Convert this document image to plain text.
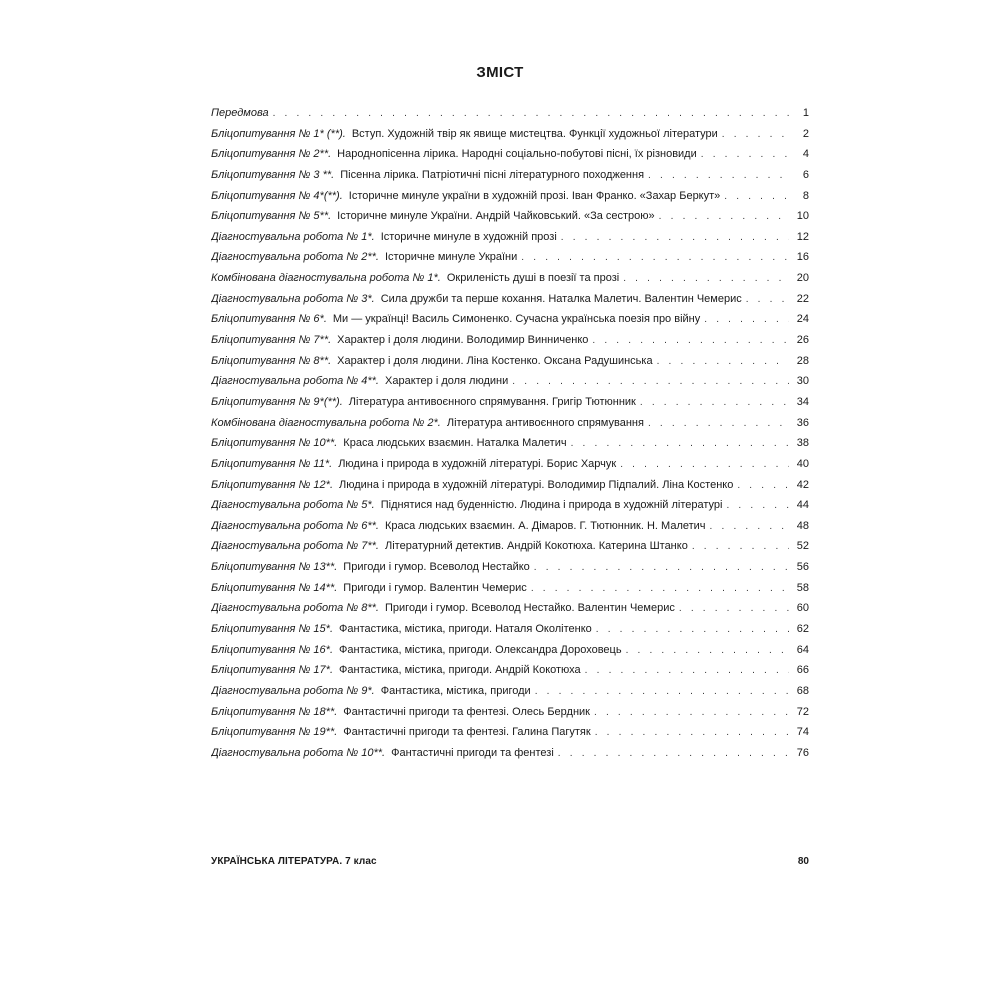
ЗМІСТ
Передмова . . .	1
Бліцопитування № 1* (**). Вступ. Художній твір як явище мистецтва. Функції художньої літератури . . .	2
Бліцопитування № 2**. Народнопісенна лірика. Народні соціально-побутові пісні, їх різновиди . . .	4
Бліцопитування № 3 **. Пісенна лірика. Патріотичні пісні літературного походження . . .	6
Бліцопитування № 4*(**). Історичне минуле україни в художній прозі. Іван Франко. «Захар Беркут» . . .	8
Бліцопитування № 5**. Історичне минуле України. Андрій Чайковський. «За сестрою» . . .	10
Діагностувальна робота № 1*. Історичне минуле в художній прозі . . .	12
Діагностувальна робота № 2**. Історичне минуле України . . .	16
Комбінована діагностувальна робота № 1*. Окриленість душі в поезії та прозі . . .	20
Діагностувальна робота № 3*. Сила дружби та перше кохання. Наталка Малетич. Валентин Чемерис . . .	22
Бліцопитування № 6*. Ми — українці! Василь Симоненко. Сучасна українська поезія про війну . . .	24
Бліцопитування № 7**. Характер і доля людини. Володимир Винниченко . . .	26
Бліцопитування № 8**. Характер і доля людини. Ліна Костенко. Оксана Радушинська . . .	28
Діагностувальна робота № 4**. Характер і доля людини . . .	30
Бліцопитування № 9*(**). Література антивоєнного спрямування. Григір Тютюнник . . .	34
Комбінована діагностувальна робота № 2*. Література антивоєнного спрямування . . .	36
Бліцопитування № 10**. Краса людських взаємин. Наталка Малетич . . .	38
Бліцопитування № 11*. Людина і природа в художній літературі. Борис Харчук . . .	40
Бліцопитування № 12*. Людина і природа в художній літературі. Володимир Підпалий. Ліна Костенко . . .	42
Діагностувальна робота № 5*. Піднятися над буденністю. Людина і природа в художній літературі . . .	44
Діагностувальна робота № 6**. Краса людських взаємин. А. Дімаров. Г. Тютюнник. Н. Малетич . . .	48
Діагностувальна робота № 7**. Літературний детектив. Андрій Кокотюха. Катерина Штанко . . .	52
Бліцопитування № 13**. Пригоди і гумор. Всеволод Нестайко . . .	56
Бліцопитування № 14**. Пригоди і гумор. Валентин Чемерис . . .	58
Діагностувальна робота № 8**. Пригоди і гумор. Всеволод Нестайко. Валентин Чемерис . . .	60
Бліцопитування № 15*. Фантастика, містика, пригоди. Наталя Околітенко . . .	62
Бліцопитування № 16*. Фантастика, містика, пригоди. Олександра Дороховець . . .	64
Бліцопитування № 17*. Фантастика, містика, пригоди. Андрій Кокотюха . . .	66
Діагностувальна робота № 9*. Фантастика, містика, пригоди . . .	68
Бліцопитування № 18**. Фантастичні пригоди та фентезі. Олесь Бердник . . .	72
Бліцопитування № 19**. Фантастичні пригоди та фентезі. Галина Пагутяк . . .	74
Діагностувальна робота № 10**. Фантастичні пригоди та фентезі . . .	76
УКРАЇНСЬКА ЛІТЕРАТУРА. 7 клас	80
